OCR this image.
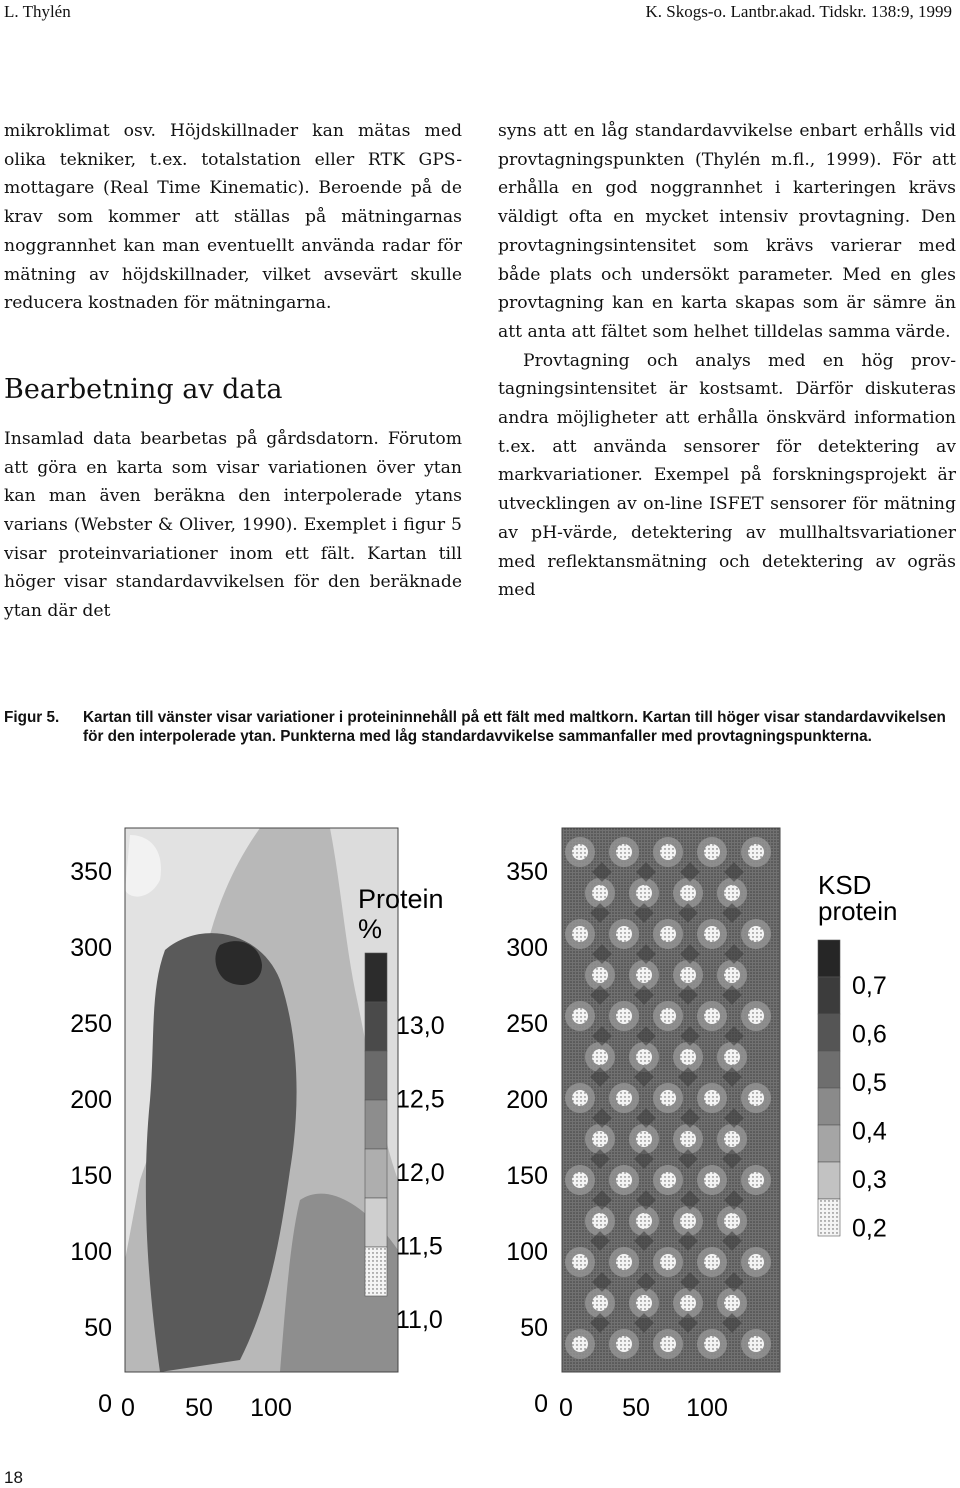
L. Thylén	K. Skogs-o. Lantbr.akad. Tidskr. 138:9, 1999

mikroklimat osv. Höjdskillnader kan mätas med olika tekniker, t.ex. totalstation eller RTK GPS-mottagare (Real Time Kinematic). Beroende på de krav som kommer att ställas på mätningarnas noggrannhet kan man eventuellt använda radar för mätning av höjdskillnader, vilket avsevärt skulle reducera kostnaden för mätningarna.

Bearbetning av data

Insamlad data bearbetas på gårdsdatorn. Förutom att göra en karta som visar variationen över ytan kan man även beräkna den interpolerade ytans varians (Webster & Oliver, 1990). Exemplet i figur 5 visar proteinvariationer inom ett fält. Kartan till höger visar standardavvikelsen för den beräknade ytan där det

syns att en låg standardavvikelse enbart erhålls vid provtagningspunkten (Thylén m.fl., 1999). För att erhålla en god noggrannhet i karteringen krävs väldigt ofta en mycket intensiv provtagning. Den provtagningsintensitet som krävs varierar med både plats och undersökt parameter. Med en gles provtagning kan en karta skapas som är sämre än att anta att fältet som helhet tilldelas samma värde.

Provtagning och analys med en hög provtagningsintensitet är kostsamt. Därför diskuteras andra möjligheter att erhålla önskvärd information t.ex. att använda sensorer för detektering av markvariationer. Exempel på forskningsprojekt är utvecklingen av on-line ISFET sensorer för mätning av pH-värde, detektering av mullhaltsvariationer med reflektansmätning och detektering av ogräs med

Figur 5. Kartan till vänster visar variationer i proteininnehåll på ett fält med maltkorn. Kartan till höger visar standardavvikelsen för den interpolerade ytan. Punkterna med låg standardavvikelse sammanfaller med provtagningspunkterna.
350
300
250
200
150
100
50
0 0 50 100
Protein
%
13,0
12,5
12,0
11,5
11,0
350
300
250
200
150
100
50
0 0 50 100
KSD
protein
0,7
0,6
0,5
0,4
0,3
0,2
18
